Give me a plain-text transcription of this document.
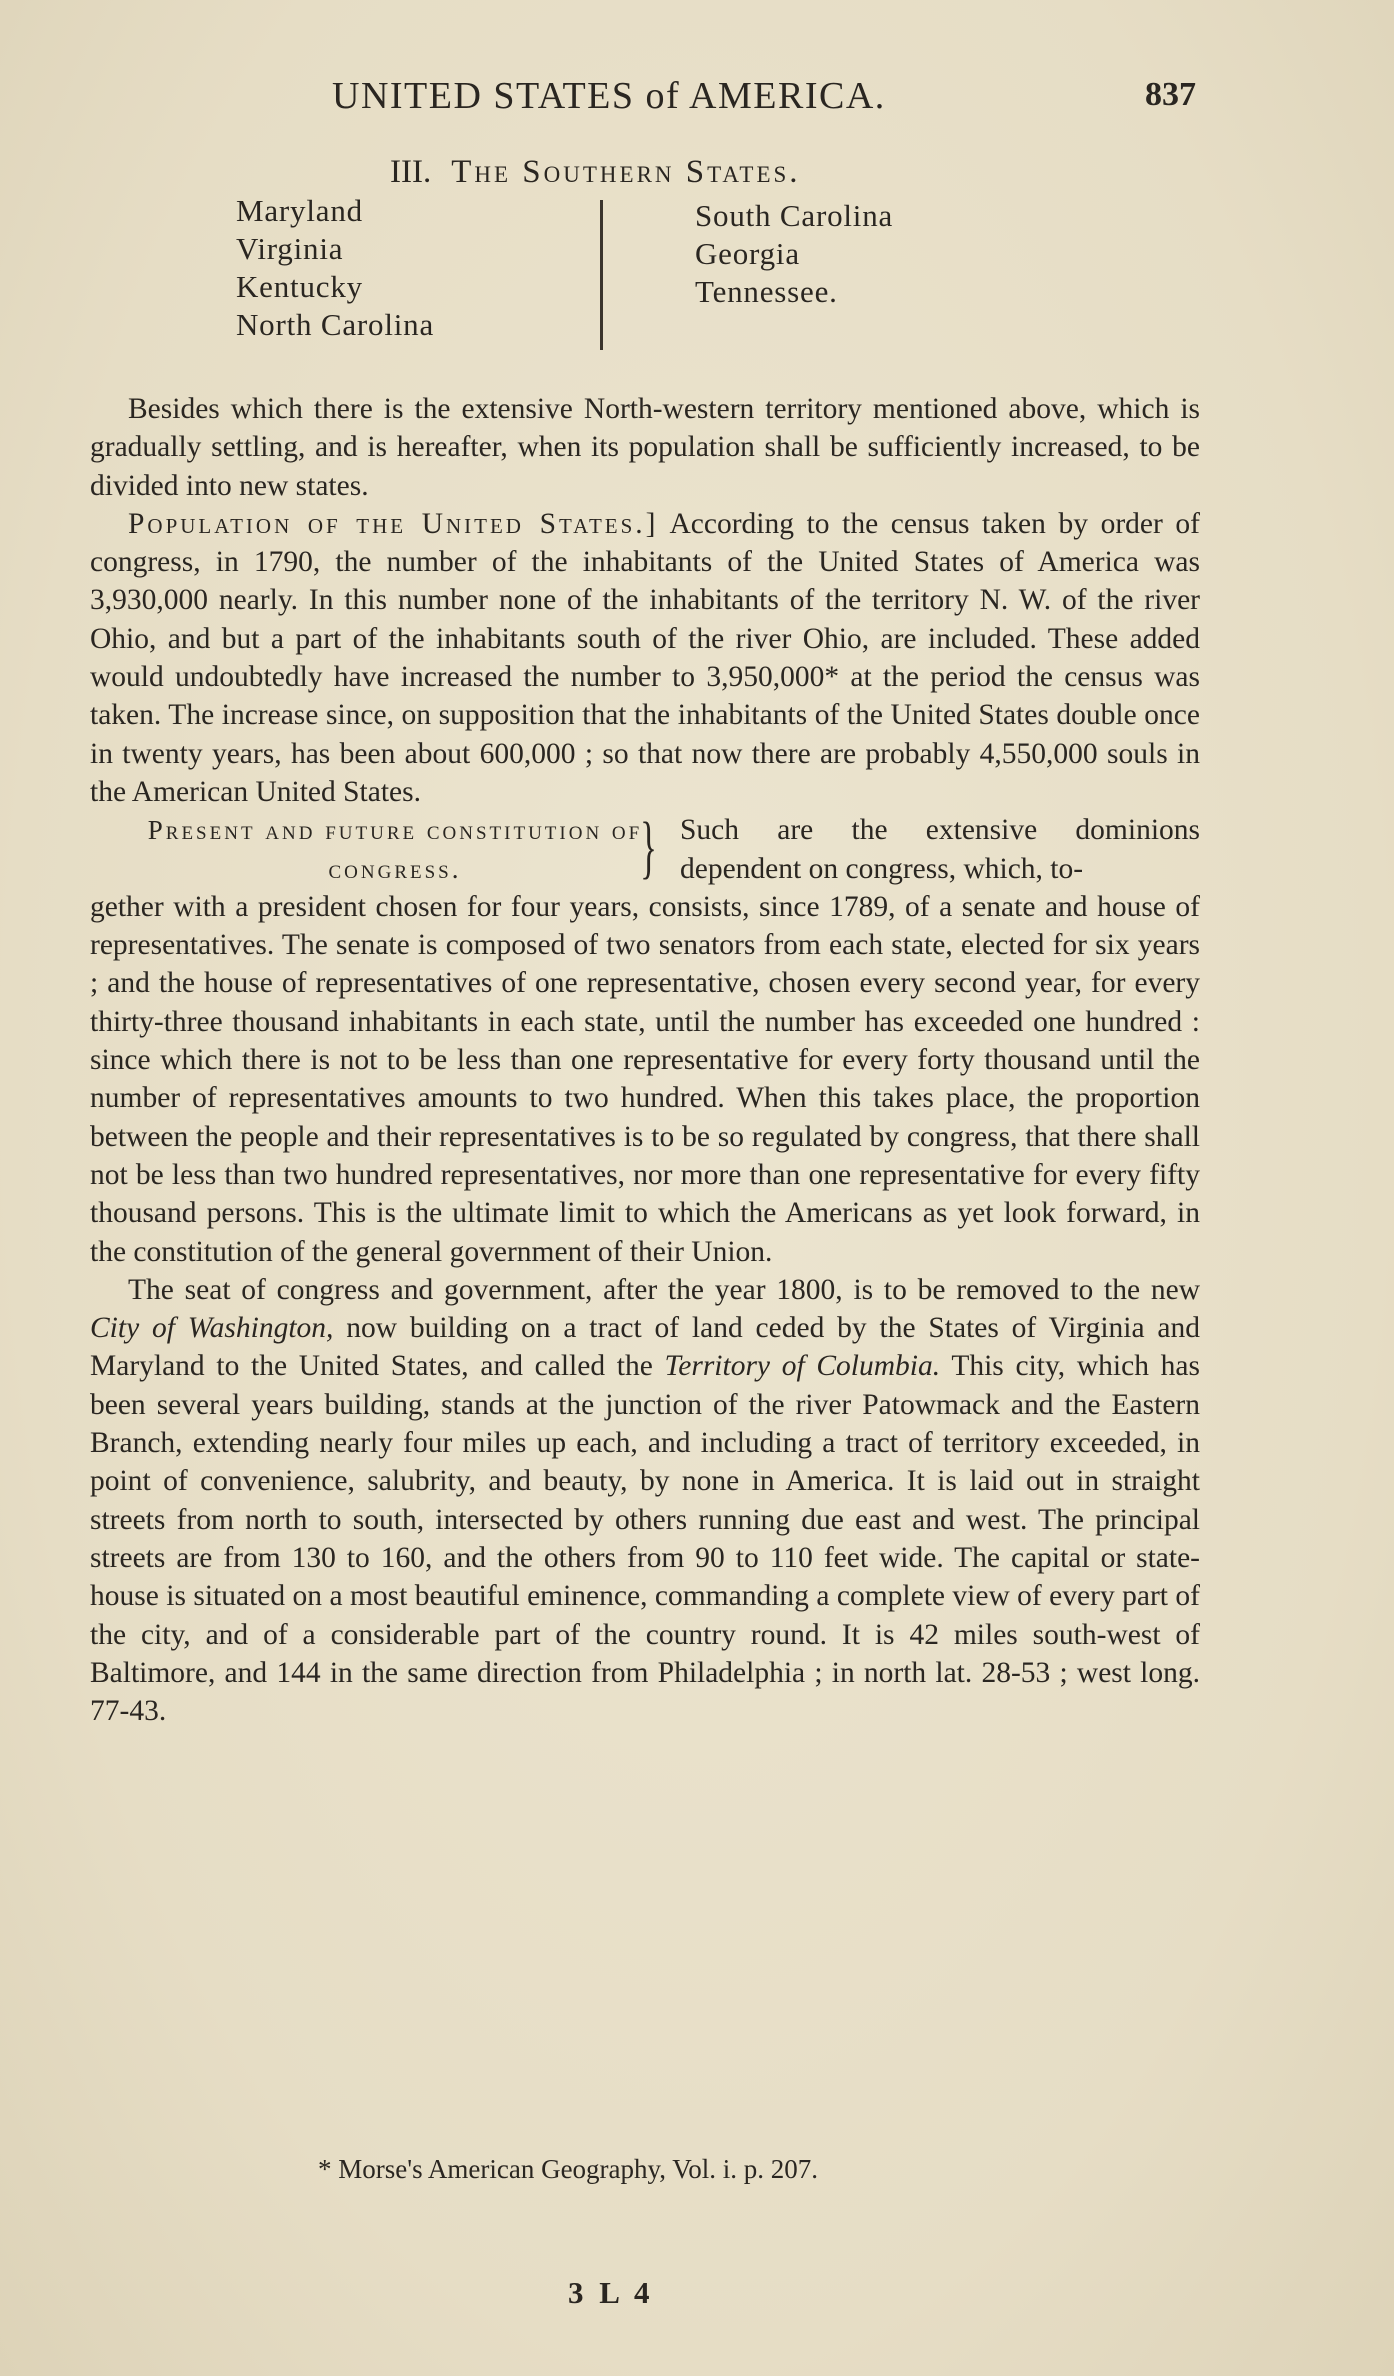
UNITED STATES of AMERICA.	837
III. The Southern States.
Maryland
Virginia
Kentucky
North Carolina
South Carolina
Georgia
Tennessee.

Besides which there is the extensive North-western territory mentioned above, which is gradually settling, and is hereafter, when its population shall be sufficiently increased, to be divided into new states.

Population of the United States.] According to the census taken by order of congress, in 1790, the number of the inhabitants of the United States of America was 3,930,000 nearly. In this number none of the inhabitants of the territory N. W. of the river Ohio, and but a part of the inhabitants south of the river Ohio, are included. These added would undoubtedly have increased the number to 3,950,000* at the period the census was taken. The increase since, on supposition that the inhabitants of the United States double once in twenty years, has been about 600,000 ; so that now there are probably 4,550,000 souls in the American United States.

Present and future constitution of congress.	} Such are the extensive dominions dependent on congress, which, to-

gether with a president chosen for four years, consists, since 1789, of a senate and house of representatives. The senate is composed of two senators from each state, elected for six years ; and the house of representatives of one representative, chosen every second year, for every thirty-three thousand inhabitants in each state, until the number has exceeded one hundred : since which there is not to be less than one representative for every forty thousand until the number of representatives amounts to two hundred. When this takes place, the proportion between the people and their representatives is to be so regulated by congress, that there shall not be less than two hundred representatives, nor more than one representative for every fifty thousand persons. This is the ultimate limit to which the Americans as yet look forward, in the constitution of the general government of their Union.

The seat of congress and government, after the year 1800, is to be removed to the new City of Washington, now building on a tract of land ceded by the States of Virginia and Maryland to the United States, and called the Territory of Columbia. This city, which has been several years building, stands at the junction of the river Patowmack and the Eastern Branch, extending nearly four miles up each, and including a tract of territory exceeded, in point of convenience, salubrity, and beauty, by none in America. It is laid out in straight streets from north to south, intersected by others running due east and west. The principal streets are from 130 to 160, and the others from 90 to 110 feet wide. The capital or state-house is situated on a most beautiful eminence, commanding a complete view of every part of the city, and of a considerable part of the country round. It is 42 miles south-west of Baltimore, and 144 in the same direction from Philadelphia ; in north lat. 28-53 ; west long. 77-43.

* Morse's American Geography, Vol. i. p. 207.
3 L 4
